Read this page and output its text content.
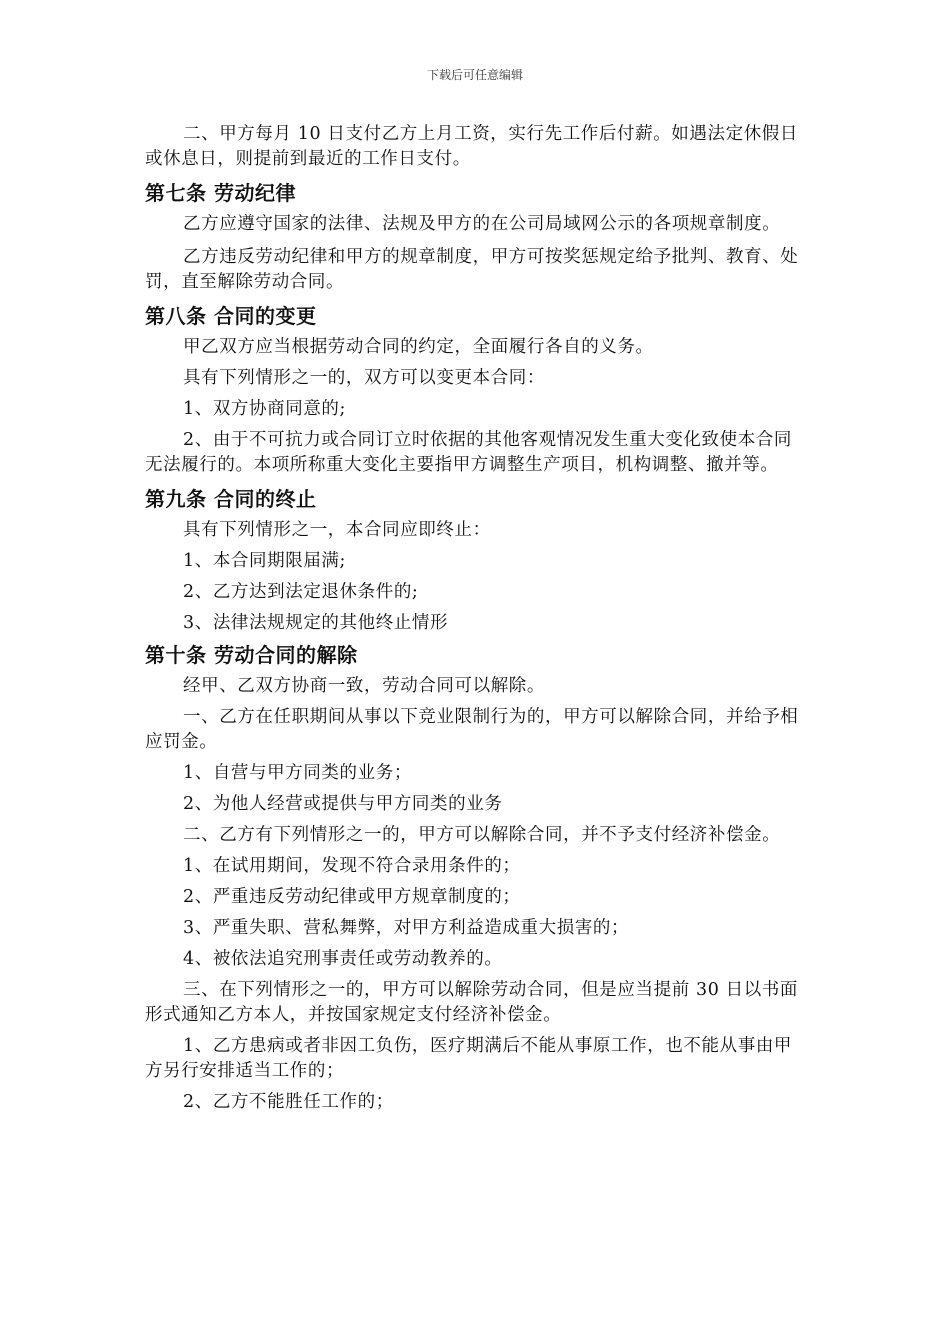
下载后可任意编辑

二、甲方每月 10 日支付乙方上月工资，实行先工作后付薪。如遇法定休假日或休息日，则提前到最近的工作日支付。

第七条 劳动纪律

乙方应遵守国家的法律、法规及甲方的在公司局域网公示的各项规章制度。

乙方违反劳动纪律和甲方的规章制度，甲方可按奖惩规定给予批判、教育、处罚，直至解除劳动合同。

第八条 合同的变更

甲乙双方应当根据劳动合同的约定，全面履行各自的义务。

具有下列情形之一的，双方可以变更本合同：

1、双方协商同意的;

2、由于不可抗力或合同订立时依据的其他客观情况发生重大变化致使本合同无法履行的。本项所称重大变化主要指甲方调整生产项目，机构调整、撤并等。

第九条 合同的终止

具有下列情形之一，本合同应即终止：

1、本合同期限届满;

2、乙方达到法定退休条件的;

3、法律法规规定的其他终止情形

第十条 劳动合同的解除

经甲、乙双方协商一致，劳动合同可以解除。

一、乙方在任职期间从事以下竞业限制行为的，甲方可以解除合同，并给予相应罚金。

1、自营与甲方同类的业务；

2、为他人经营或提供与甲方同类的业务

二、乙方有下列情形之一的，甲方可以解除合同，并不予支付经济补偿金。

1、在试用期间，发现不符合录用条件的；

2、严重违反劳动纪律或甲方规章制度的；

3、严重失职、营私舞弊，对甲方利益造成重大损害的；

4、被依法追究刑事责任或劳动教养的。

三、在下列情形之一的，甲方可以解除劳动合同，但是应当提前 30 日以书面形式通知乙方本人，并按国家规定支付经济补偿金。

1、乙方患病或者非因工负伤，医疗期满后不能从事原工作，也不能从事由甲方另行安排适当工作的；

2、乙方不能胜任工作的；
